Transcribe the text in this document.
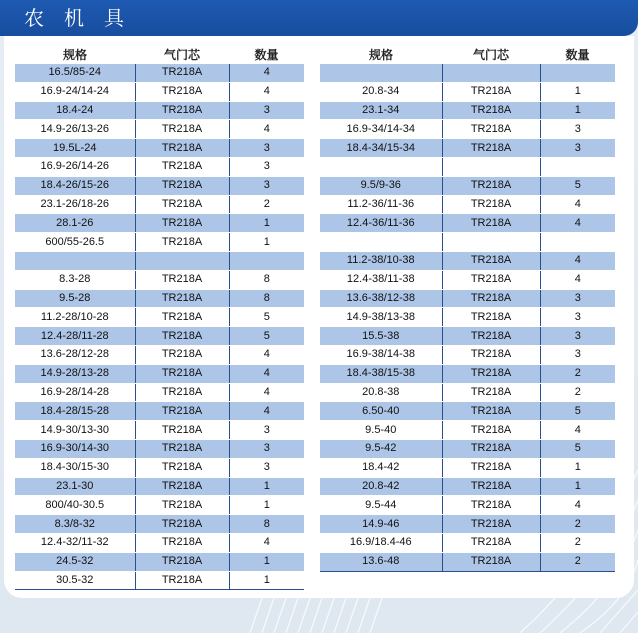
农机具
规格	气门芯	数量
16.5/85-24	TR218A	4
16.9-24/14-24	TR218A	4
18.4-24	TR218A	3
14.9-26/13-26	TR218A	4
19.5L-24	TR218A	3
16.9-26/14-26	TR218A	3
18.4-26/15-26	TR218A	3
23.1-26/18-26	TR218A	2
28.1-26	TR218A	1
600/55-26.5	TR218A	1

8.3-28	TR218A	8
9.5-28	TR218A	8
11.2-28/10-28	TR218A	5
12.4-28/11-28	TR218A	5
13.6-28/12-28	TR218A	4
14.9-28/13-28	TR218A	4
16.9-28/14-28	TR218A	4
18.4-28/15-28	TR218A	4
14.9-30/13-30	TR218A	3
16.9-30/14-30	TR218A	3
18.4-30/15-30	TR218A	3
23.1-30	TR218A	1
800/40-30.5	TR218A	1
8.3/8-32	TR218A	8
12.4-32/11-32	TR218A	4
24.5-32	TR218A	1
30.5-32	TR218A	1
规格	气门芯	数量

20.8-34	TR218A	1
23.1-34	TR218A	1
16.9-34/14-34	TR218A	3
18.4-34/15-34	TR218A	3

9.5/9-36	TR218A	5
11.2-36/11-36	TR218A	4
12.4-36/11-36	TR218A	4

11.2-38/10-38	TR218A	4
12.4-38/11-38	TR218A	4
13.6-38/12-38	TR218A	3
14.9-38/13-38	TR218A	3
15.5-38	TR218A	3
16.9-38/14-38	TR218A	3
18.4-38/15-38	TR218A	2
20.8-38	TR218A	2
6.50-40	TR218A	5
9.5-40	TR218A	4
9.5-42	TR218A	5
18.4-42	TR218A	1
20.8-42	TR218A	1
9.5-44	TR218A	4
14.9-46	TR218A	2
16.9/18.4-46	TR218A	2
13.6-48	TR218A	2
